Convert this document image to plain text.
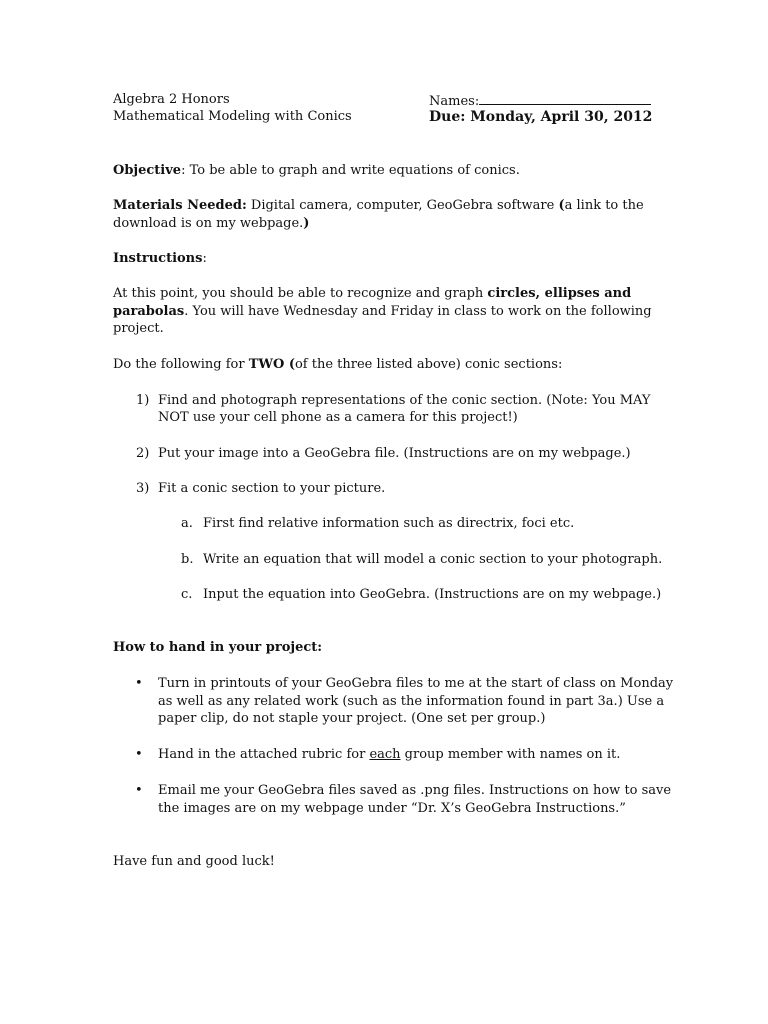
Algebra 2 Honors
Mathematical Modeling with Conics
Names:
Due: Monday, April 30, 2012
Objective: To be able to graph and write equations of conics.
Materials Needed: Digital camera, computer, GeoGebra software (a link to the
download is on my webpage.)
Instructions:
At this point, you should be able to recognize and graph circles, ellipses and
parabolas. You will have Wednesday and Friday in class to work on the following
project.
Do the following for TWO (of the three listed above) conic sections:
1) Find and photograph representations of the conic section. (Note: You MAY
NOT use your cell phone as a camera for this project!)
2) Put your image into a GeoGebra file. (Instructions are on my webpage.)
3) Fit a conic section to your picture.
a. First find relative information such as directrix, foci etc.
b. Write an equation that will model a conic section to your photograph.
c. Input the equation into GeoGebra. (Instructions are on my webpage.)
How to hand in your project:
• Turn in printouts of your GeoGebra files to me at the start of class on Monday
as well as any related work (such as the information found in part 3a.) Use a
paper clip, do not staple your project. (One set per group.)
• Hand in the attached rubric for each group member with names on it.
• Email me your GeoGebra files saved as .png files. Instructions on how to save
the images are on my webpage under “Dr. X’s GeoGebra Instructions.”
Have fun and good luck!
